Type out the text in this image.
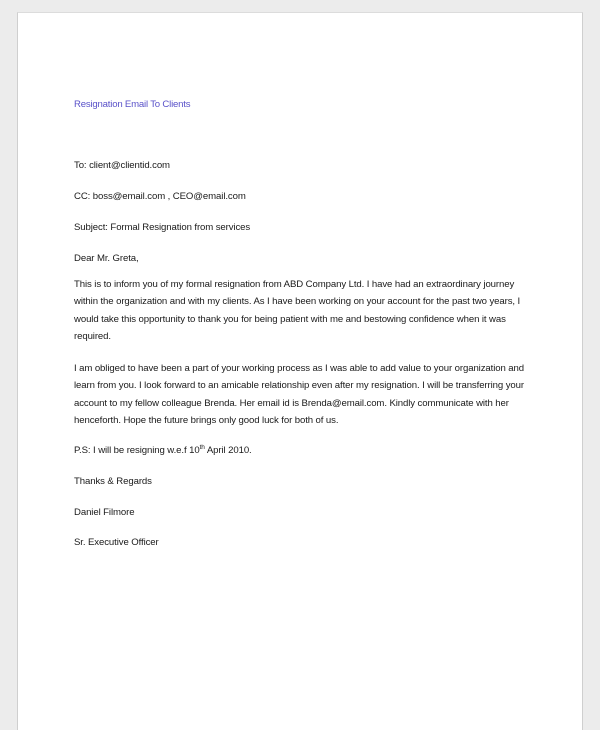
Resignation Email To Clients
To: client@clientid.com
CC: boss@email.com , CEO@email.com
Subject: Formal Resignation from services
Dear Mr. Greta,
This is to inform you of my formal resignation from ABD Company Ltd. I have had an extraordinary journey within the organization and with my clients. As I have been working on your account for the past two years, I would take this opportunity to thank you for being patient with me and bestowing confidence when it was required.
I am obliged to have been a part of your working process as I was able to add value to your organization and learn from you. I look forward to an amicable relationship even after my resignation. I will be transferring your account to my fellow colleague Brenda. Her email id is Brenda@email.com. Kindly communicate with her henceforth. Hope the future brings only good luck for both of us.
P.S: I will be resigning w.e.f 10th April 2010.
Thanks & Regards
Daniel Filmore
Sr. Executive Officer
